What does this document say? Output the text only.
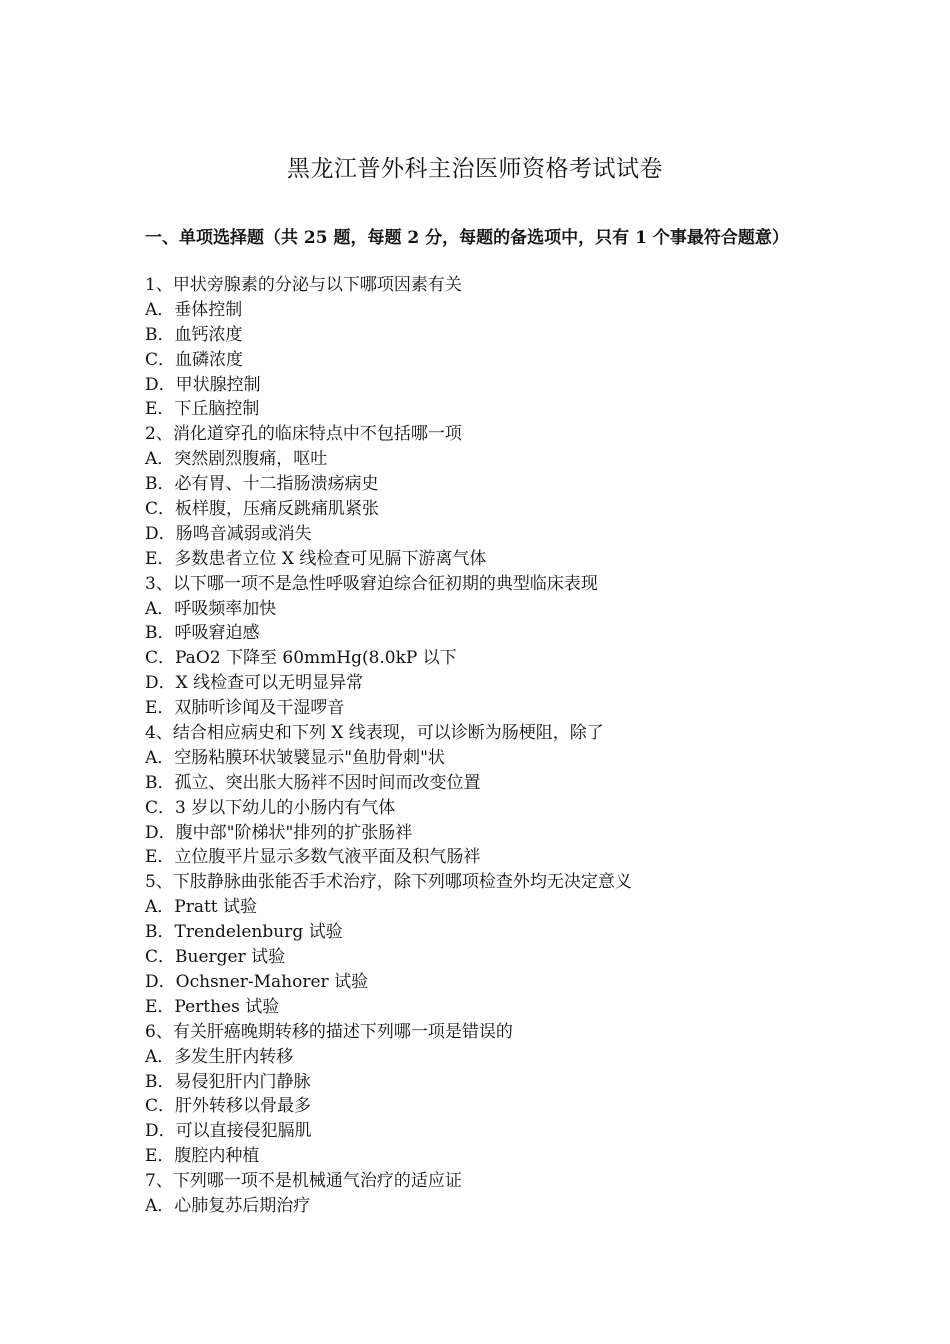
黑龙江普外科主治医师资格考试试卷
一、单项选择题（共 25 题，每题 2 分，每题的备选项中，只有 1 个事最符合题意）
1、甲状旁腺素的分泌与以下哪项因素有关
A．垂体控制
B．血钙浓度
C．血磷浓度
D．甲状腺控制
E．下丘脑控制
2、消化道穿孔的临床特点中不包括哪一项
A．突然剧烈腹痛，呕吐
B．必有胃、十二指肠溃疡病史
C．板样腹，压痛反跳痛肌紧张
D．肠鸣音减弱或消失
E．多数患者立位 X 线检查可见膈下游离气体
3、以下哪一项不是急性呼吸窘迫综合征初期的典型临床表现
A．呼吸频率加快
B．呼吸窘迫感
C．PaO2 下降至 60mmHg(8.0kP 以下
D．X 线检查可以无明显异常
E．双肺听诊闻及干湿啰音
4、结合相应病史和下列 X 线表现，可以诊断为肠梗阻，除了
A．空肠粘膜环状皱襞显示"鱼肋骨刺"状
B．孤立、突出胀大肠袢不因时间而改变位置
C．3 岁以下幼儿的小肠内有气体
D．腹中部"阶梯状"排列的扩张肠袢
E．立位腹平片显示多数气液平面及积气肠袢
5、下肢静脉曲张能否手术治疗，除下列哪项检查外均无决定意义
A．Pratt 试验
B．Trendelenburg 试验
C．Buerger 试验
D．Ochsner-Mahorer 试验
E．Perthes 试验
6、有关肝癌晚期转移的描述下列哪一项是错误的
A．多发生肝内转移
B．易侵犯肝内门静脉
C．肝外转移以骨最多
D．可以直接侵犯膈肌
E．腹腔内种植
7、下列哪一项不是机械通气治疗的适应证
A．心肺复苏后期治疗
